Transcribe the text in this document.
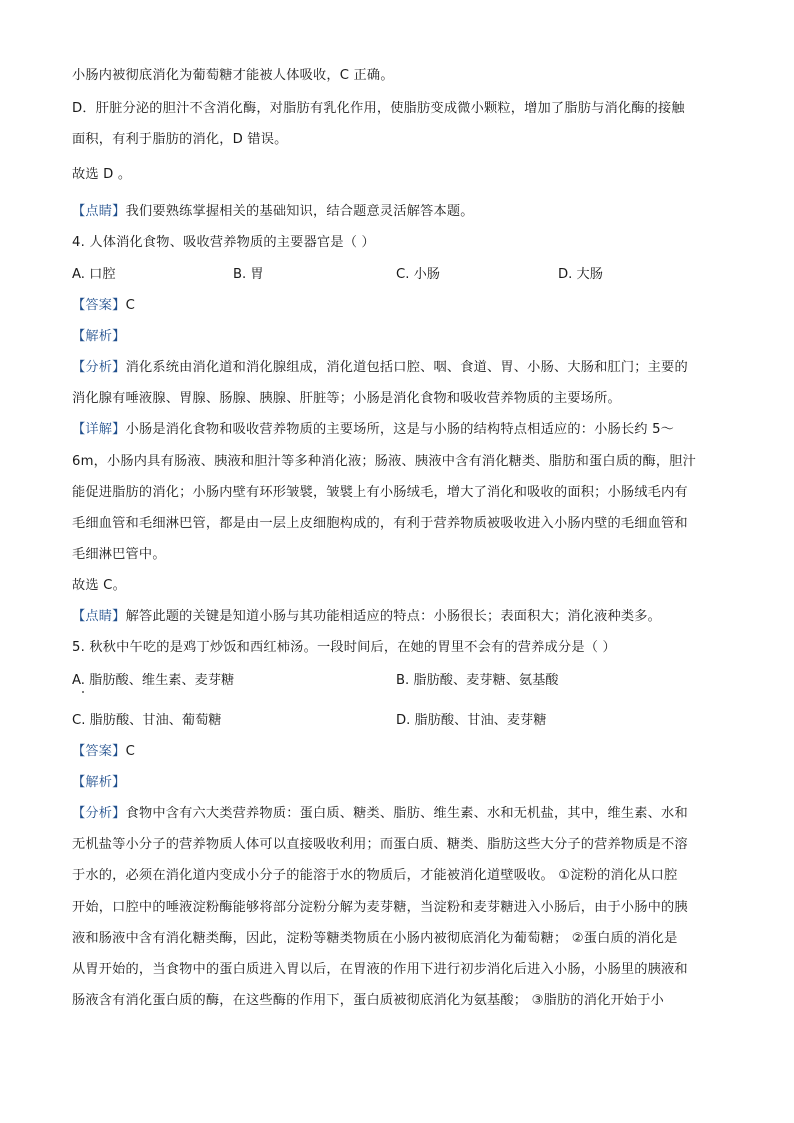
小肠内被彻底消化为葡萄糖才能被人体吸收，C 正确。
D．肝脏分泌的胆汁不含消化酶，对脂肪有乳化作用，使脂肪变成微小颗粒，增加了脂肪与消化酶的接触
面积，有利于脂肪的消化，D 错误。
故选 D 。
【点睛】我们要熟练掌握相关的基础知识，结合题意灵活解答本题。
4. 人体消化食物、吸收营养物质的主要器官是（ ）
A. 口腔	B. 胃	C. 小肠	D. 大肠
【答案】C
【解析】
【分析】消化系统由消化道和消化腺组成，消化道包括口腔、咽、食道、胃、小肠、大肠和肛门；主要的
消化腺有唾液腺、胃腺、肠腺、胰腺、肝脏等；小肠是消化食物和吸收营养物质的主要场所。
【详解】小肠是消化食物和吸收营养物质的主要场所，这是与小肠的结构特点相适应的：小肠长约 5～
6m，小肠内具有肠液、胰液和胆汁等多种消化液；肠液、胰液中含有消化糖类、脂肪和蛋白质的酶，胆汁
能促进脂肪的消化；小肠内壁有环形皱襞，皱襞上有小肠绒毛，增大了消化和吸收的面积；小肠绒毛内有
毛细血管和毛细淋巴管，都是由一层上皮细胞构成的，有利于营养物质被吸收进入小肠内壁的毛细血管和
毛细淋巴管中。
故选 C。
【点睛】解答此题的关键是知道小肠与其功能相适应的特点：小肠很长；表面积大；消化液种类多。
5. 秋秋中午吃的是鸡丁炒饭和西红柿汤。一段时间后，在她的胃里不会有的营养成分是（ ）
A. 脂肪酸、维生素、麦芽糖	B. 脂肪酸、麦芽糖、氨基酸
C. 脂肪酸、甘油、葡萄糖	D. 脂肪酸、甘油、麦芽糖
【答案】C
【解析】
【分析】食物中含有六大类营养物质：蛋白质、糖类、脂肪、维生素、水和无机盐，其中，维生素、水和
无机盐等小分子的营养物质人体可以直接吸收利用；而蛋白质、糖类、脂肪这些大分子的营养物质是不溶
于水的，必须在消化道内变成小分子的能溶于水的物质后，才能被消化道壁吸收。 ①淀粉的消化从口腔
开始，口腔中的唾液淀粉酶能够将部分淀粉分解为麦芽糖，当淀粉和麦芽糖进入小肠后，由于小肠中的胰
液和肠液中含有消化糖类酶，因此，淀粉等糖类物质在小肠内被彻底消化为葡萄糖； ②蛋白质的消化是
从胃开始的，当食物中的蛋白质进入胃以后，在胃液的作用下进行初步消化后进入小肠，小肠里的胰液和
肠液含有消化蛋白质的酶，在这些酶的作用下，蛋白质被彻底消化为氨基酸； ③脂肪的消化开始于小
